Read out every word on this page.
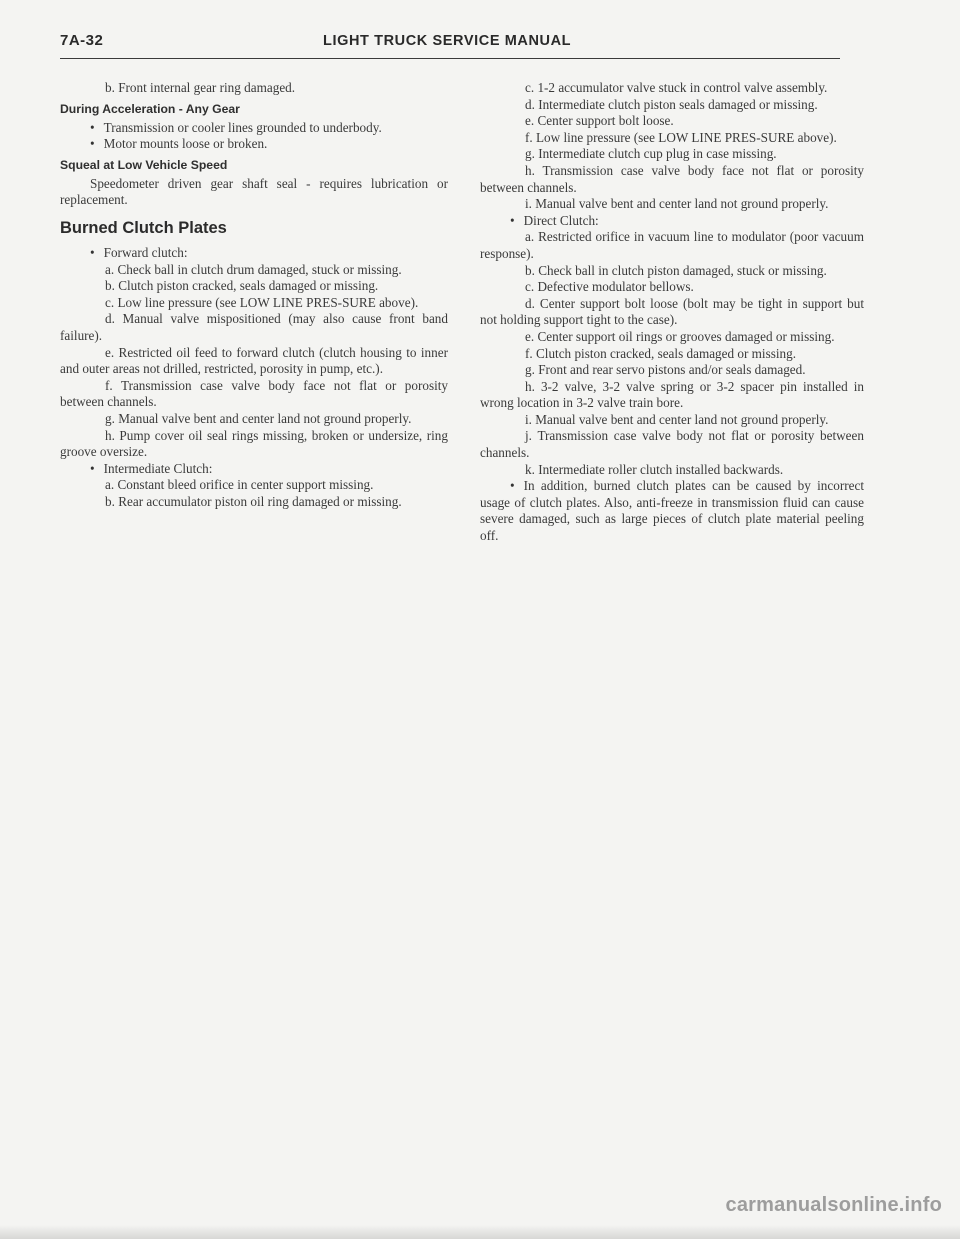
7A-32	LIGHT TRUCK SERVICE MANUAL

b. Front internal gear ring damaged.

During Acceleration - Any Gear

• Transmission or cooler lines grounded to underbody.

• Motor mounts loose or broken.

Squeal at Low Vehicle Speed

Speedometer driven gear shaft seal - requires lubrication or replacement.

Burned Clutch Plates

• Forward clutch:

a. Check ball in clutch drum damaged, stuck or missing.

b. Clutch piston cracked, seals damaged or missing.

c. Low line pressure (see LOW LINE PRES-SURE above).

d. Manual valve mispositioned (may also cause front band failure).

e. Restricted oil feed to forward clutch (clutch housing to inner and outer areas not drilled, restricted, porosity in pump, etc.).

f. Transmission case valve body face not flat or porosity between channels.

g. Manual valve bent and center land not ground properly.

h. Pump cover oil seal rings missing, broken or undersize, ring groove oversize.

• Intermediate Clutch:

a. Constant bleed orifice in center support missing.

b. Rear accumulator piston oil ring damaged or missing.

c. 1-2 accumulator valve stuck in control valve assembly.

d. Intermediate clutch piston seals damaged or missing.

e. Center support bolt loose.

f. Low line pressure (see LOW LINE PRES-SURE above).

g. Intermediate clutch cup plug in case missing.

h. Transmission case valve body face not flat or porosity between channels.

i. Manual valve bent and center land not ground properly.

• Direct Clutch:

a. Restricted orifice in vacuum line to modulator (poor vacuum response).

b. Check ball in clutch piston damaged, stuck or missing.

c. Defective modulator bellows.

d. Center support bolt loose (bolt may be tight in support but not holding support tight to the case).

e. Center support oil rings or grooves damaged or missing.

f. Clutch piston cracked, seals damaged or missing.

g. Front and rear servo pistons and/or seals damaged.

h. 3-2 valve, 3-2 valve spring or 3-2 spacer pin installed in wrong location in 3-2 valve train bore.

i. Manual valve bent and center land not ground properly.

j. Transmission case valve body not flat or porosity between channels.

k. Intermediate roller clutch installed backwards.

• In addition, burned clutch plates can be caused by incorrect usage of clutch plates. Also, anti-freeze in transmission fluid can cause severe damaged, such as large pieces of clutch plate material peeling off.

carmanualsonline.info
